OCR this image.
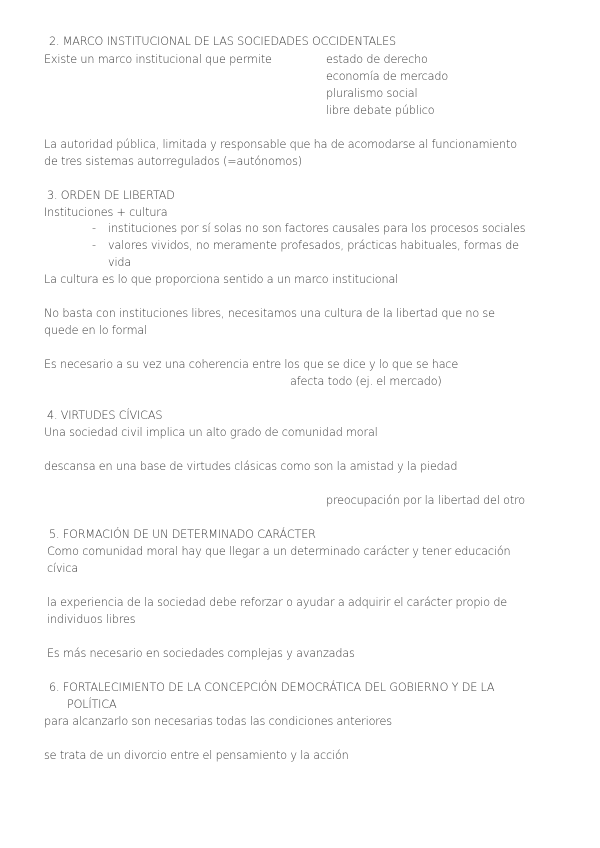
2. MARCO INSTITUCIONAL DE LAS SOCIEDADES OCCIDENTALES
Existe un marco institucional que permite	estado de derecho
economía de mercado
pluralismo social
libre debate público
La autoridad pública, limitada y responsable que ha de acomodarse al funcionamiento
de tres sistemas autorregulados (=autónomos)
3. ORDEN DE LIBERTAD
Instituciones + cultura
- instituciones por sí solas no son factores causales para los procesos sociales
- valores vividos, no meramente profesados, prácticas habituales, formas de
vida
La cultura es lo que proporciona sentido a un marco institucional
No basta con instituciones libres, necesitamos una cultura de la libertad que no se
quede en lo formal
Es necesario a su vez una coherencia entre los que se dice y lo que se hace
afecta todo (ej. el mercado)
4. VIRTUDES CÍVICAS
Una sociedad civil implica un alto grado de comunidad moral
descansa en una base de virtudes clásicas como son la amistad y la piedad
preocupación por la libertad del otro
5. FORMACIÓN DE UN DETERMINADO CARÁCTER
Como comunidad moral hay que llegar a un determinado carácter y tener educación
cívica
la experiencia de la sociedad debe reforzar o ayudar a adquirir el carácter propio de
individuos libres
Es más necesario en sociedades complejas y avanzadas
6. FORTALECIMIENTO DE LA CONCEPCIÓN DEMOCRÁTICA DEL GOBIERNO Y DE LA
POLÍTICA
para alcanzarlo son necesarias todas las condiciones anteriores
se trata de un divorcio entre el pensamiento y la acción
